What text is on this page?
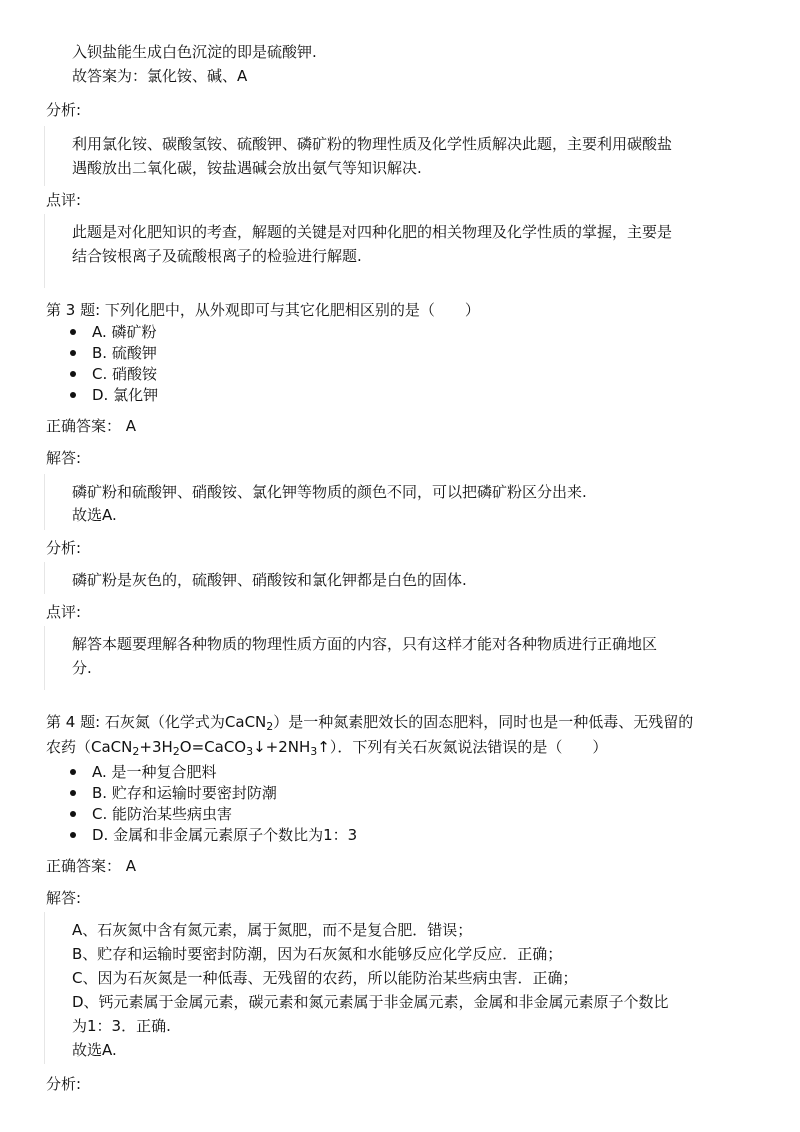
入钡盐能生成白色沉淀的即是硫酸钾.
故答案为：氯化铵、碱、A
分析:
利用氯化铵、碳酸氢铵、硫酸钾、磷矿粉的物理性质及化学性质解决此题，主要利用碳酸盐
遇酸放出二氧化碳，铵盐遇碱会放出氨气等知识解决.
点评:
此题是对化肥知识的考查，解题的关键是对四种化肥的相关物理及化学性质的掌握，主要是
结合铵根离子及硫酸根离子的检验进行解题.
第 3 题: 下列化肥中，从外观即可与其它化肥相区别的是（　　）
A. 磷矿粉
B. 硫酸钾
C. 硝酸铵
D. 氯化钾
正确答案： A
解答:
磷矿粉和硫酸钾、硝酸铵、氯化钾等物质的颜色不同，可以把磷矿粉区分出来.
故选A.
分析:
磷矿粉是灰色的，硫酸钾、硝酸铵和氯化钾都是白色的固体.
点评:
解答本题要理解各种物质的物理性质方面的内容，只有这样才能对各种物质进行正确地区
分.
第 4 题: 石灰氮（化学式为CaCN$_2$）是一种氮素肥效长的固态肥料，同时也是一种低毒、无残留的
农药$(CaCN_2+3H_2O=CaCO_3↓+2NH_3↑)$．下列有关石灰氮说法错误的是（　　）
A. 是一种复合肥料
B. 贮存和运输时要密封防潮
C. 能防治某些病虫害
D. 金属和非金属元素原子个数比为1：3
正确答案： A
解答:
A、石灰氮中含有氮元素，属于氮肥，而不是复合肥．错误；
B、贮存和运输时要密封防潮，因为石灰氮和水能够反应化学反应．正确；
C、因为石灰氮是一种低毒、无残留的农药，所以能防治某些病虫害．正确；
D、钙元素属于金属元素，碳元素和氮元素属于非金属元素，金属和非金属元素原子个数比
为1：3．正确.
故选A.
分析:
